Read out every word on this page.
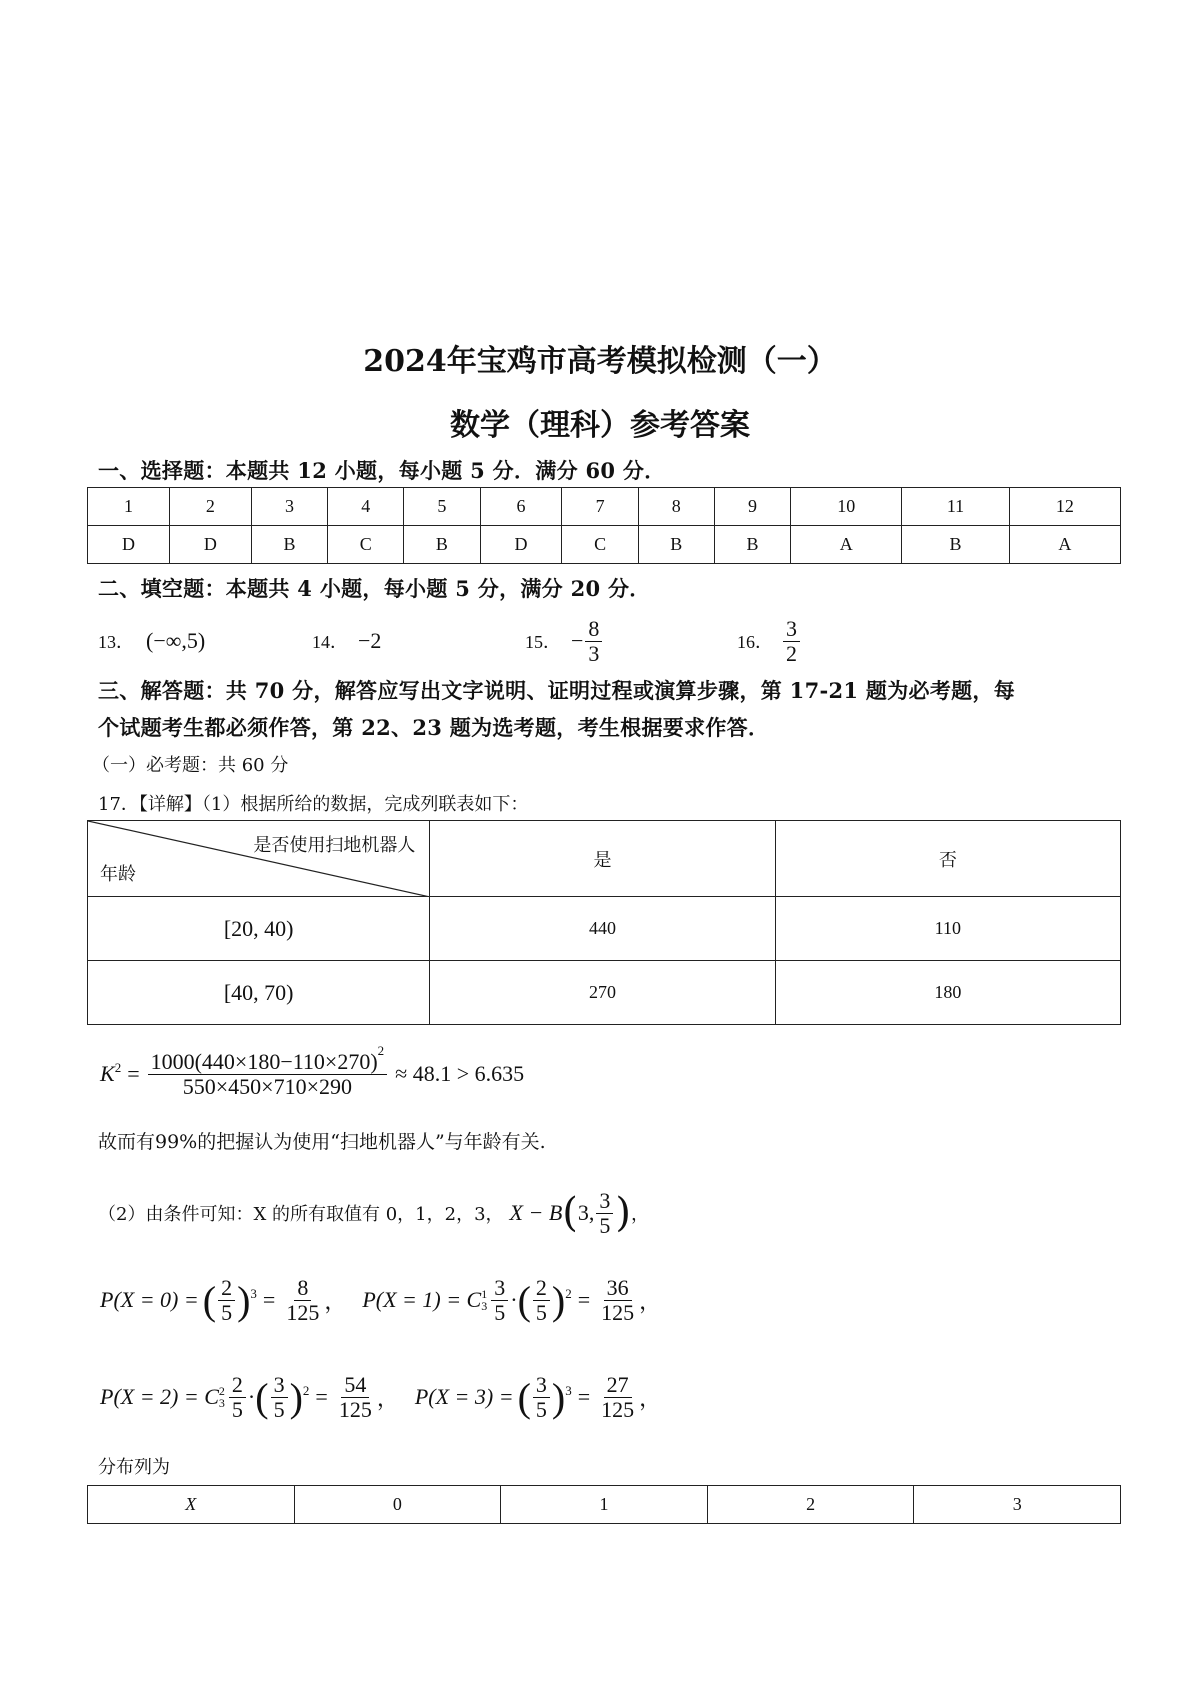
2024年宝鸡市高考模拟检测（一）
数学（理科）参考答案
一、选择题：本题共 12 小题，每小题 5 分．满分 60 分．
1	2	3	4	5	6	7	8	9	10	11	12
D	D	B	C	B	D	C	B	B	A	B	A
二、填空题：本题共 4 小题，每小题 5 分，满分 20 分．
13． (−∞,5)	14． −2	15． − $\frac{8}{3}$	16． $\frac{3}{2}$
三、解答题：共 70 分，解答应写出文字说明、证明过程或演算步骤，第 17-21 题为必考题，每
个试题考生都必须作答，第 22、23 题为选考题，考生根据要求作答．
（一）必考题：共 60 分
17．【详解】（1）根据所给的数据，完成列联表如下：
是否使用扫地机器人
年龄	是	否
[20, 40)	440	110
[40, 70)	270	180
K $2 = \frac{1000(440\times 180-110\times 270)^2}{550\times 450\times 710\times 290} \approx 48.1 > 6.635$
故而有99%的把握认为使用“扫地机器人”与年龄有关.
（2）由条件可知：X 的所有取值有 0，1，2，3， X − B ( 3, $\frac{3}{5}$ ) ，
P(X = 0) = ( $\frac{2}{5}$ ) $3 = \frac{8}{125}$ ， P(X = 1) = C 1
$3 \frac{3}{5}$ · ( $\frac{2}{5}$ ) $2 = \frac{36}{125}$ ，
P(X = 2) = C 2
$3 \frac{2}{5}$ · ( $\frac{3}{5}$ ) $2 = \frac{54}{125}$ ， P(X = 3) = ( $\frac{3}{5}$ ) $3 = \frac{27}{125}$ ，
分布列为
X	0	1	2	3
